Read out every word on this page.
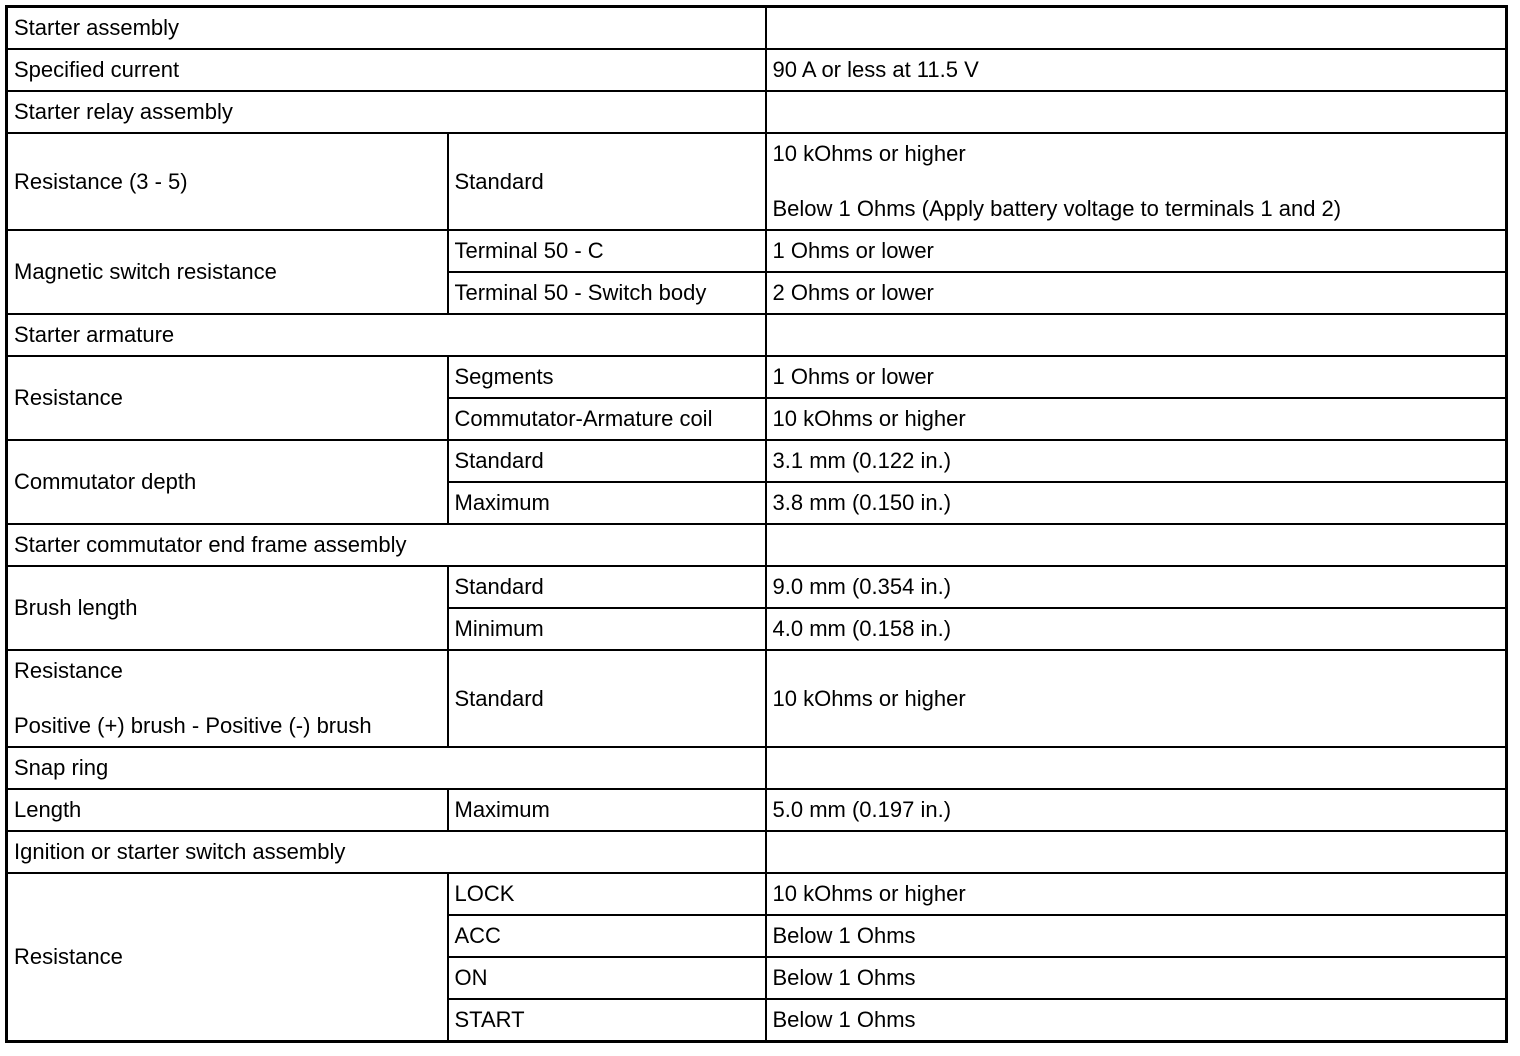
Starter assembly		
Specified current		90 A or less at 11.5 V
Starter relay assembly		
Resistance (3 - 5)	Standard	10 kOhms or higher

Below 1 Ohms (Apply battery voltage to terminals 1 and 2)

Magnetic switch resistance	Terminal 50 - C	1 Ohms or lower
	Terminal 50 - Switch body	2 Ohms or lower
Starter armature		
Resistance	Segments	1 Ohms or lower
	Commutator-Armature coil	10 kOhms or higher
Commutator depth	Standard	3.1 mm (0.122 in.)
	Maximum	3.8 mm (0.150 in.)
Starter commutator end frame assembly		
Brush length	Standard	9.0 mm (0.354 in.)
	Minimum	4.0 mm (0.158 in.)

Resistance

Positive (+) brush - Positive (-) brush	Standard	10 kOhms or higher
Snap ring		
Length	Maximum	5.0 mm (0.197 in.)
Ignition or starter switch assembly		
Resistance	LOCK	10 kOhms or higher
	ACC	Below 1 Ohms
	ON	Below 1 Ohms
	START	Below 1 Ohms
